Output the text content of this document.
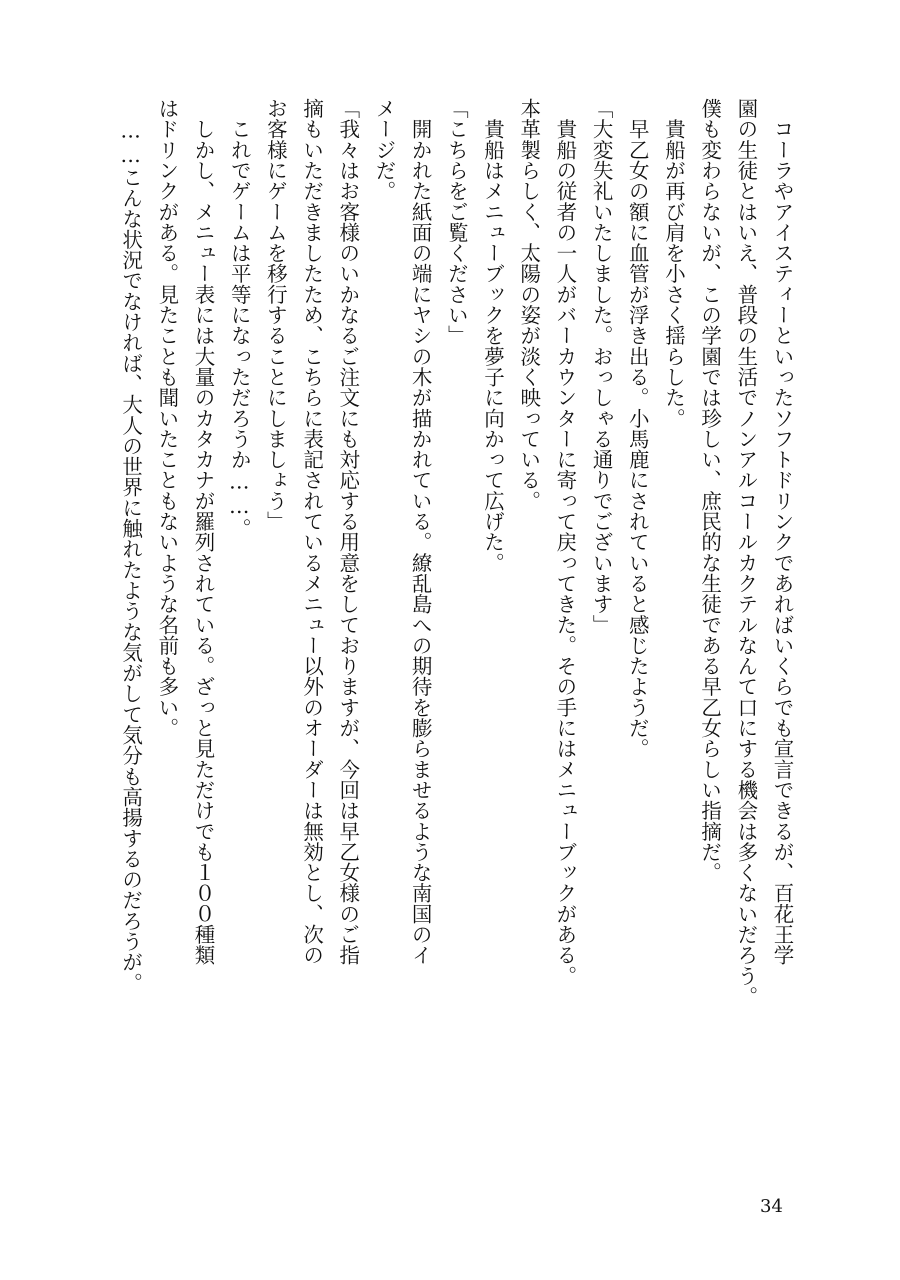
　コーラやアイスティーといったソフトドリンクであればいくらでも宣言できるが、百花王学
園の生徒とはいえ、普段の生活でノンアルコールカクテルなんて口にする機会は多くないだろう。
僕も変わらないが、この学園では珍しい、庶民的な生徒である早乙女らしい指摘だ。
　貴船が再び肩を小さく揺らした。
　早乙女の額に血管が浮き出る。小馬鹿にされていると感じたようだ。
「大変失礼いたしました。おっしゃる通りでございます」
　貴船の従者の一人がバーカウンターに寄って戻ってきた。その手にはメニューブックがある。
本革製らしく、太陽の姿が淡く映っている。
　貴船はメニューブックを夢子に向かって広げた。
「こちらをご覧ください」
　開かれた紙面の端にヤシの木が描かれている。繚乱島への期待を膨らませるような南国のイ
メージだ。
「我々はお客様のいかなるご注文にも対応する用意をしておりますが、今回は早乙女様のご指
摘もいただきましたため、こちらに表記されているメニュー以外のオーダーは無効とし、次の
お客様にゲームを移行することにしましょう」
　これでゲームは平等になっただろうか……。
　しかし、メニュー表には大量のカタカナが羅列されている。ざっと見ただけでも１００種類
はドリンクがある。見たことも聞いたこともないような名前も多い。
　……こんな状況でなければ、大人の世界に触れたような気がして気分も高揚するのだろうが。
34
